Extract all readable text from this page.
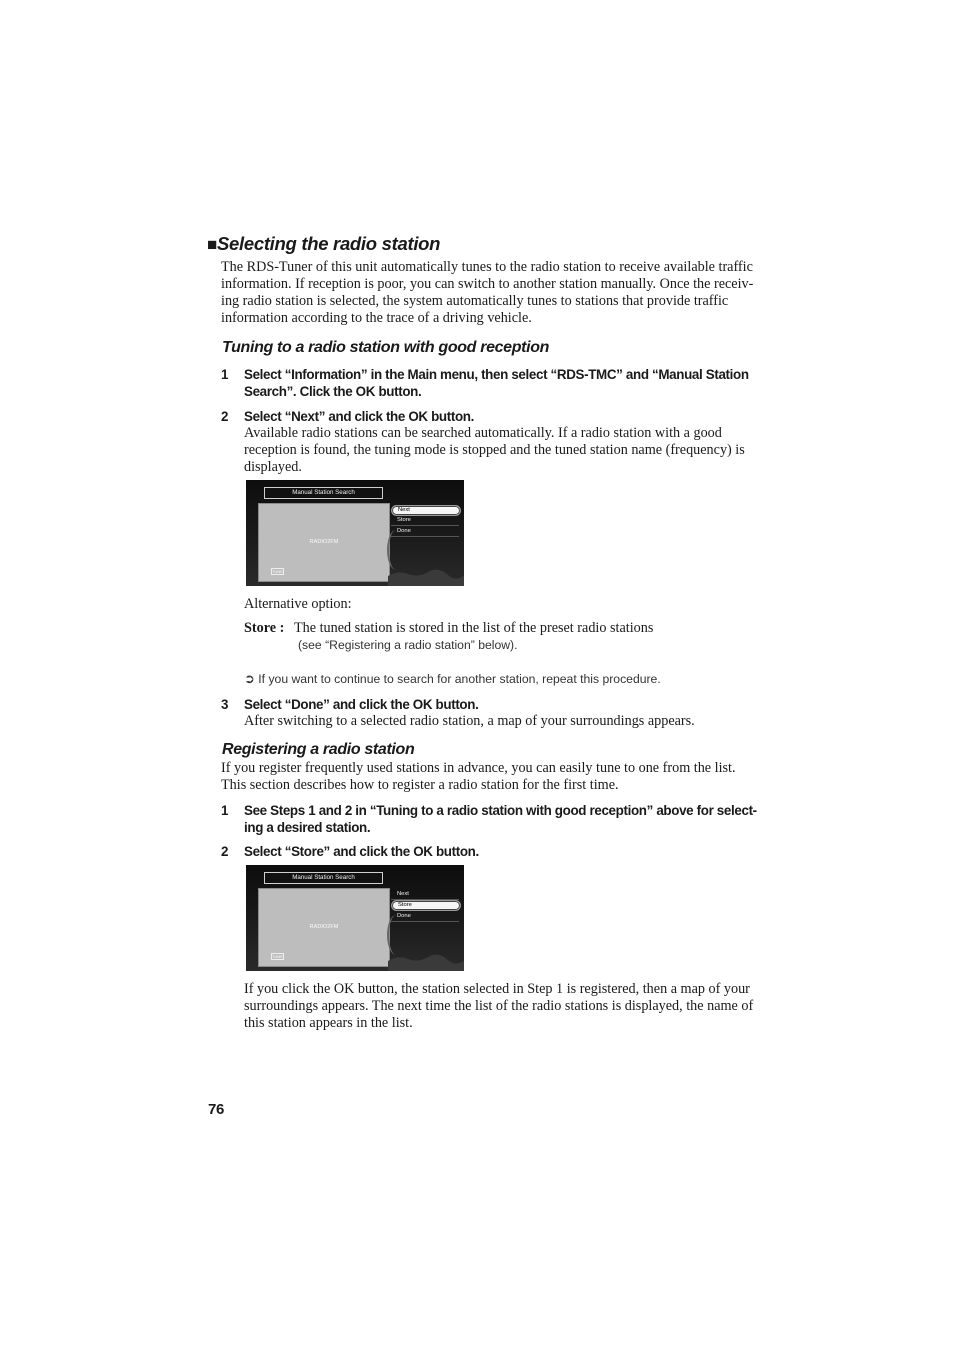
■Selecting the radio station
The RDS-Tuner of this unit automatically tunes to the radio station to receive available traffic
information. If reception is poor, you can switch to another station manually. Once the receiv-
ing radio station is selected, the system automatically tunes to stations that provide traffic
information according to the trace of a driving vehicle.
Tuning to a radio station with good reception
1 Select “Information” in the Main menu, then select “RDS-TMC” and “Manual Station
Search”. Click the OK button.
2 Select “Next” and click the OK button.
Available radio stations can be searched automatically. If a radio station with a good
reception is found, the tuning mode is stopped and the tuned station name (frequency) is
displayed.
Manual Station Search
RADIO2FM
TUNE
Next
Store
Done
Alternative option:
Store : The tuned station is stored in the list of the preset radio stations
(see “Registering a radio station” below).
➲ If you want to continue to search for another station, repeat this procedure.
3 Select “Done” and click the OK button.
After switching to a selected radio station, a map of your surroundings appears.
Registering a radio station
If you register frequently used stations in advance, you can easily tune to one from the list.
This section describes how to register a radio station for the first time.
1 See Steps 1 and 2 in “Tuning to a radio station with good reception” above for select-
ing a desired station.
2 Select “Store” and click the OK button.
Manual Station Search
RADIO2FM
TUNE
Next
Store
Done
If you click the OK button, the station selected in Step 1 is registered, then a map of your
surroundings appears. The next time the list of the radio stations is displayed, the name of
this station appears in the list.
76
